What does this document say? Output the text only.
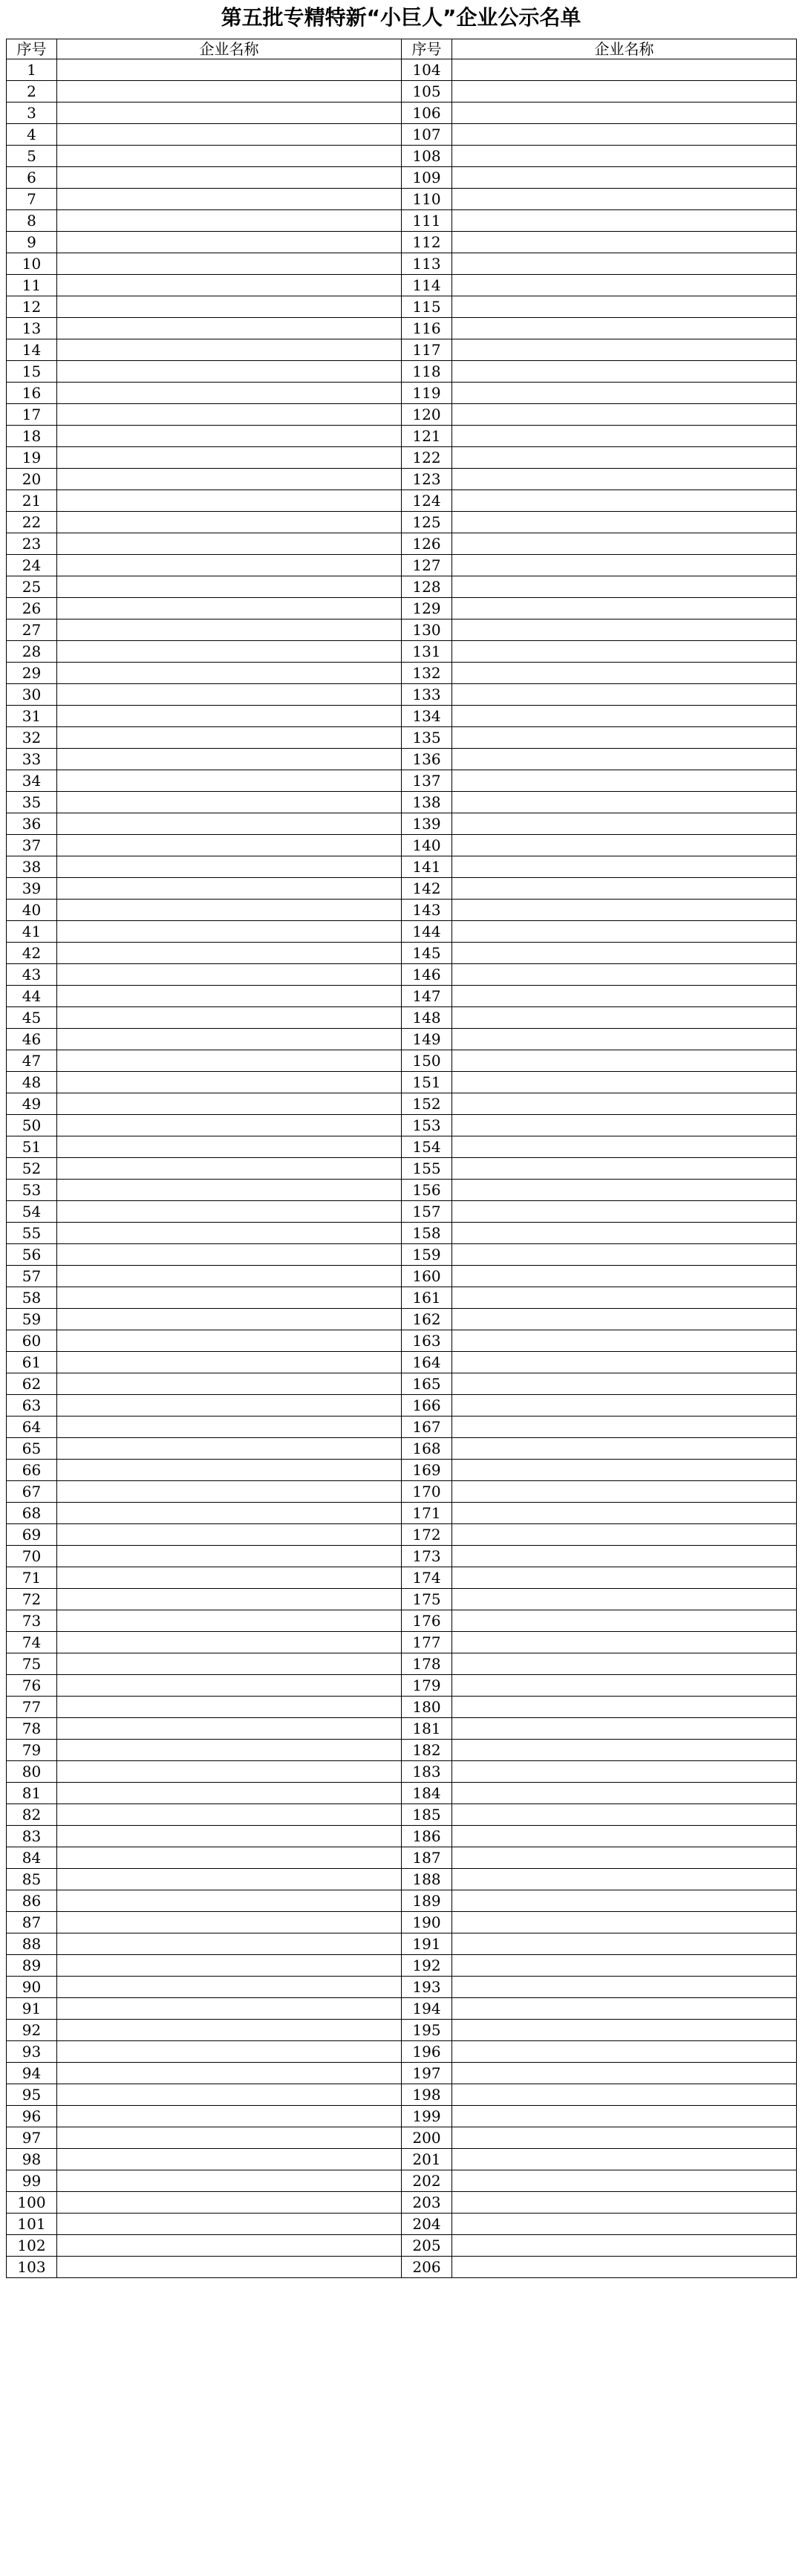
第五批专精特新“小巨人”企业公示名单
序号	企业名称	序号	企业名称
1		104	
2		105	
3		106	
4		107	
5		108	
6		109	
7		110	
8		111	
9		112	
10		113	
11		114	
12		115	
13		116	
14		117	
15		118	
16		119	
17		120	
18		121	
19		122	
20		123	
21		124	
22		125	
23		126	
24		127	
25		128	
26		129	
27		130	
28		131	
29		132	
30		133	
31		134	
32		135	
33		136	
34		137	
35		138	
36		139	
37		140	
38		141	
39		142	
40		143	
41		144	
42		145	
43		146	
44		147	
45		148	
46		149	
47		150	
48		151	
49		152	
50		153	
51		154	
52		155	
53		156	
54		157	
55		158	
56		159	
57		160	
58		161	
59		162	
60		163	
61		164	
62		165	
63		166	
64		167	
65		168	
66		169	
67		170	
68		171	
69		172	
70		173	
71		174	
72		175	
73		176	
74		177	
75		178	
76		179	
77		180	
78		181	
79		182	
80		183	
81		184	
82		185	
83		186	
84		187	
85		188	
86		189	
87		190	
88		191	
89		192	
90		193	
91		194	
92		195	
93		196	
94		197	
95		198	
96		199	
97		200	
98		201	
99		202	
100		203	
101		204	
102		205	
103		206	
